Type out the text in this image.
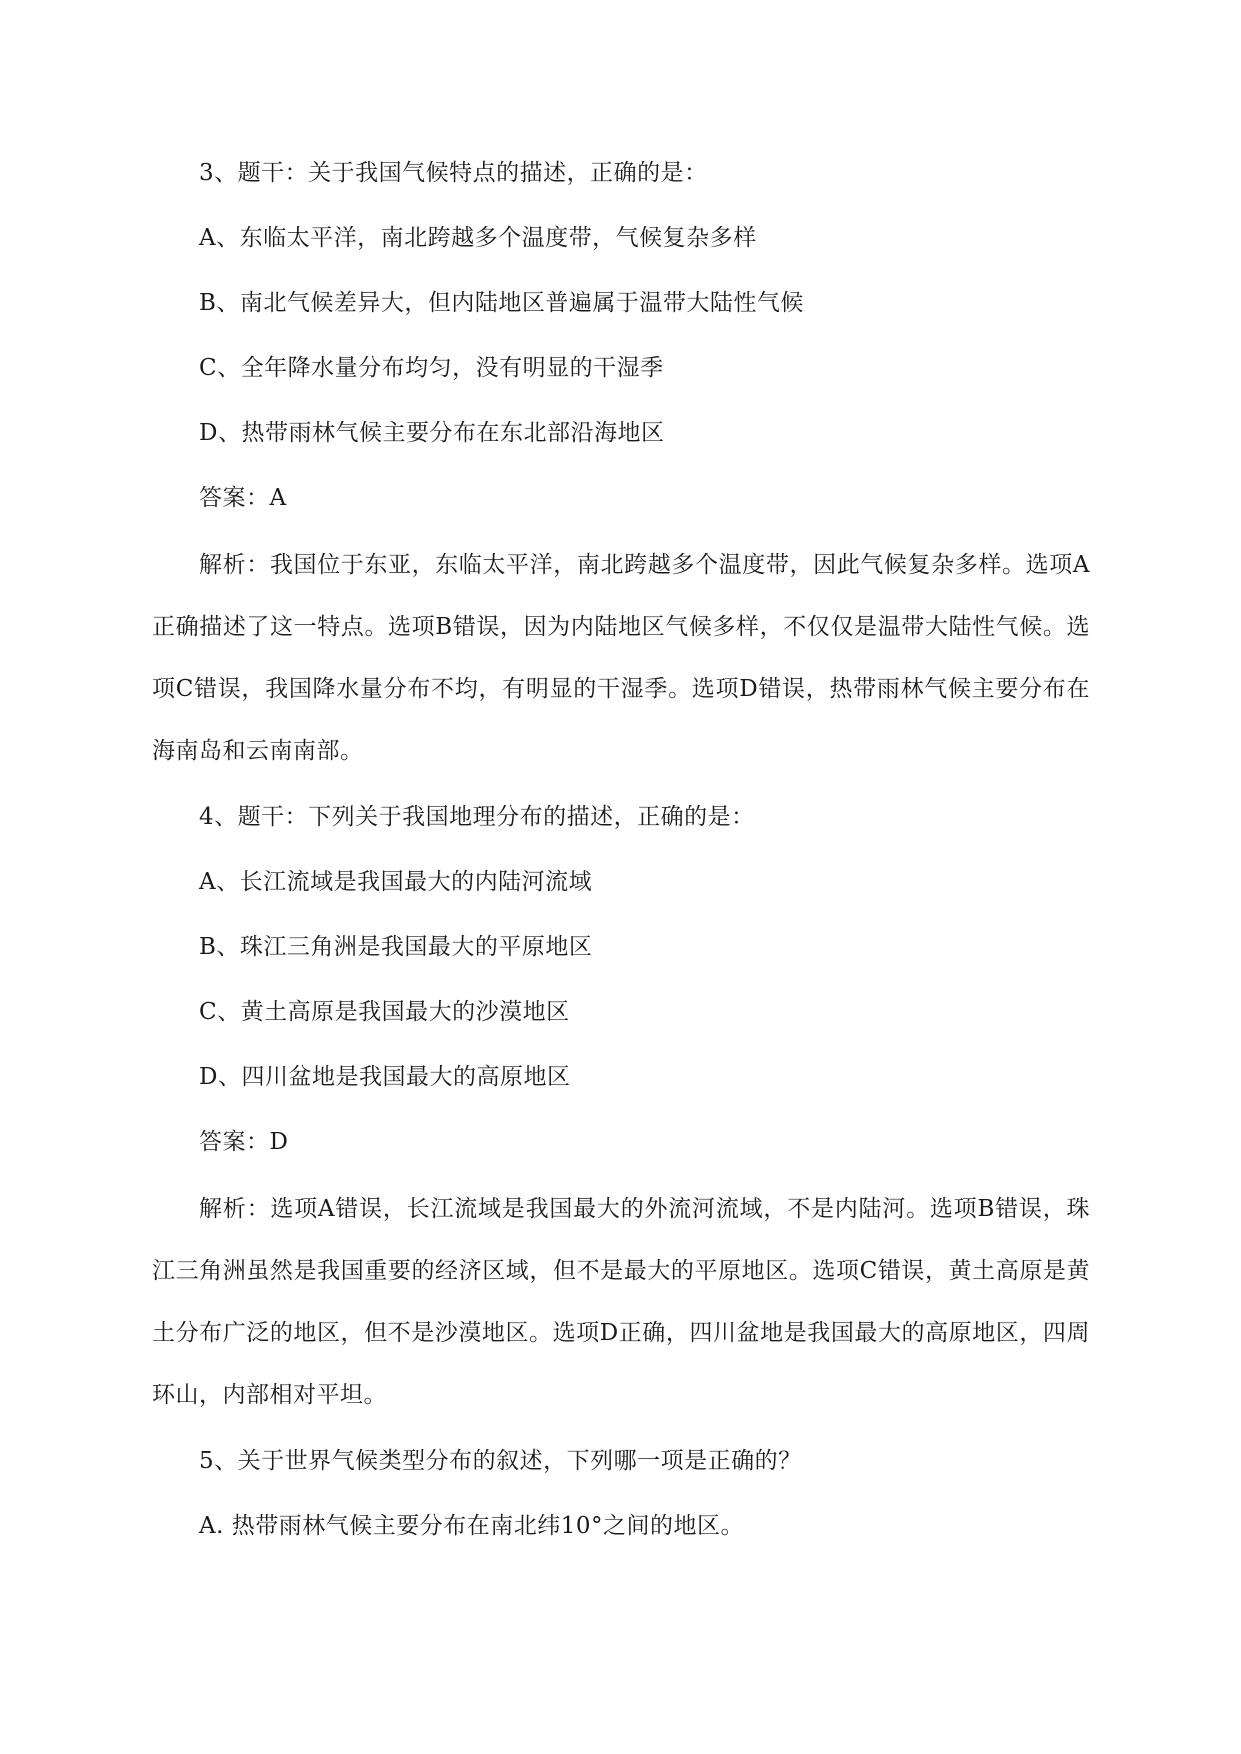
3、题干：关于我国气候特点的描述，正确的是：
A、东临太平洋，南北跨越多个温度带，气候复杂多样
B、南北气候差异大，但内陆地区普遍属于温带大陆性气候
C、全年降水量分布均匀，没有明显的干湿季
D、热带雨林气候主要分布在东北部沿海地区
答案：A

解析：我国位于东亚，东临太平洋，南北跨越多个温度带，因此气候复杂多样。选项A正确描述了这一特点。选项B错误，因为内陆地区气候多样，不仅仅是温带大陆性气候。选项C错误，我国降水量分布不均，有明显的干湿季。选项D错误，热带雨林气候主要分布在海南岛和云南南部。

4、题干：下列关于我国地理分布的描述，正确的是：
A、长江流域是我国最大的内陆河流域
B、珠江三角洲是我国最大的平原地区
C、黄土高原是我国最大的沙漠地区
D、四川盆地是我国最大的高原地区
答案：D

解析：选项A错误，长江流域是我国最大的外流河流域，不是内陆河。选项B错误，珠江三角洲虽然是我国重要的经济区域，但不是最大的平原地区。选项C错误，黄土高原是黄土分布广泛的地区，但不是沙漠地区。选项D正确，四川盆地是我国最大的高原地区，四周环山，内部相对平坦。

5、关于世界气候类型分布的叙述，下列哪一项是正确的？
A. 热带雨林气候主要分布在南北纬10°之间的地区。
